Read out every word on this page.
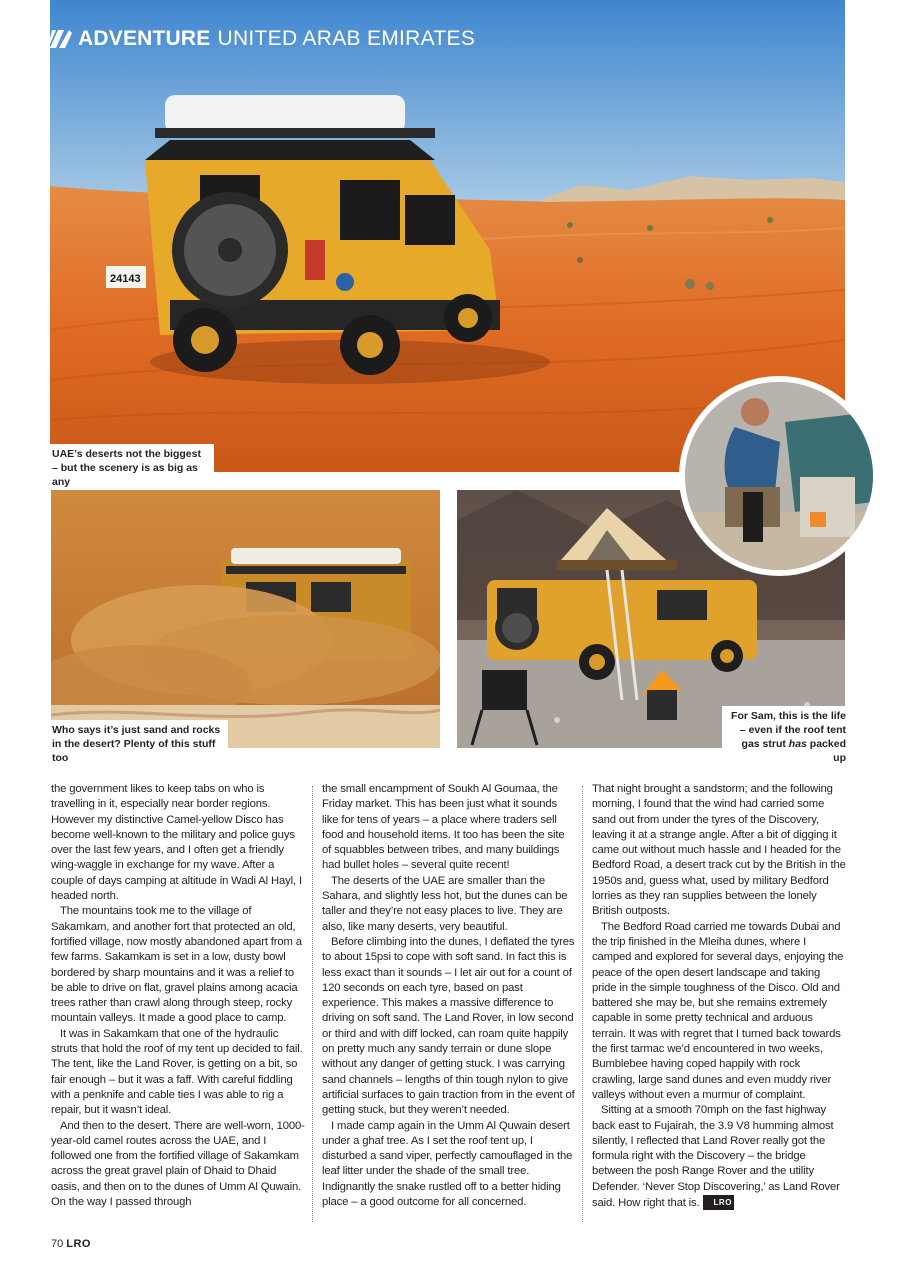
ADVENTURE UNITED ARAB EMIRATES
24143
UAE’s deserts not the biggest – but the scenery is as big as any
Who says it’s just sand and rocks in the desert? Plenty of this stuff too
For Sam, this is the life – even if the roof tent gas strut has packed up

the government likes to keep tabs on who is travelling in it, especially near border regions. However my distinctive Camel-yellow Disco has become well-known to the military and police guys over the last few years, and I often get a friendly wing-waggle in exchange for my wave. After a couple of days camping at altitude in Wadi Al Hayl, I headed north.

The mountains took me to the village of Sakamkam, and another fort that protected an old, fortified village, now mostly abandoned apart from a few farms. Sakamkam is set in a low, dusty bowl bordered by sharp mountains and it was a relief to be able to drive on flat, gravel plains among acacia trees rather than crawl along through steep, rocky mountain valleys. It made a good place to camp.

It was in Sakamkam that one of the hydraulic struts that hold the roof of my tent up decided to fail. The tent, like the Land Rover, is getting on a bit, so fair enough – but it was a faff. With careful fiddling with a penknife and cable ties I was able to rig a repair, but it wasn’t ideal.

And then to the desert. There are well-worn, 1000-year-old camel routes across the UAE, and I followed one from the fortified village of Sakamkam across the great gravel plain of Dhaid to Dhaid oasis, and then on to the dunes of Umm Al Quwain. On the way I passed through

the small encampment of Soukh Al Goumaa, the Friday market. This has been just what it sounds like for tens of years – a place where traders sell food and household items. It too has been the site of squabbles between tribes, and many buildings had bullet holes – several quite recent!

The deserts of the UAE are smaller than the Sahara, and slightly less hot, but the dunes can be taller and they’re not easy places to live. They are also, like many deserts, very beautiful.

Before climbing into the dunes, I deflated the tyres to about 15psi to cope with soft sand. In fact this is less exact than it sounds – I let air out for a count of 120 seconds on each tyre, based on past experience. This makes a massive difference to driving on soft sand. The Land Rover, in low second or third and with diff locked, can roam quite happily on pretty much any sandy terrain or dune slope without any danger of getting stuck. I was carrying sand channels – lengths of thin tough nylon to give artificial surfaces to gain traction from in the event of getting stuck, but they weren’t needed.

I made camp again in the Umm Al Quwain desert under a ghaf tree. As I set the roof tent up, I disturbed a sand viper, perfectly camouflaged in the leaf litter under the shade of the small tree. Indignantly the snake rustled off to a better hiding place – a good outcome for all concerned.

That night brought a sandstorm; and the following morning, I found that the wind had carried some sand out from under the tyres of the Discovery, leaving it at a strange angle. After a bit of digging it came out without much hassle and I headed for the Bedford Road, a desert track cut by the British in the 1950s and, guess what, used by military Bedford lorries as they ran supplies between the lonely British outposts.

The Bedford Road carried me towards Dubai and the trip finished in the Mleiha dunes, where I camped and explored for several days, enjoying the peace of the open desert landscape and taking pride in the simple toughness of the Disco. Old and battered she may be, but she remains extremely capable in some pretty technical and arduous terrain. It was with regret that I turned back towards the first tarmac we’d encountered in two weeks, Bumblebee having coped happily with rock crawling, large sand dunes and even muddy river valleys without even a murmur of complaint.

Sitting at a smooth 70mph on the fast highway back east to Fujairah, the 3.9 V8 humming almost silently, I reflected that Land Rover really got the formula right with the Discovery – the bridge between the posh Range Rover and the utility Defender. ‘Never Stop Discovering,’ as Land Rover said. How right that is. LRO

70 LRO
